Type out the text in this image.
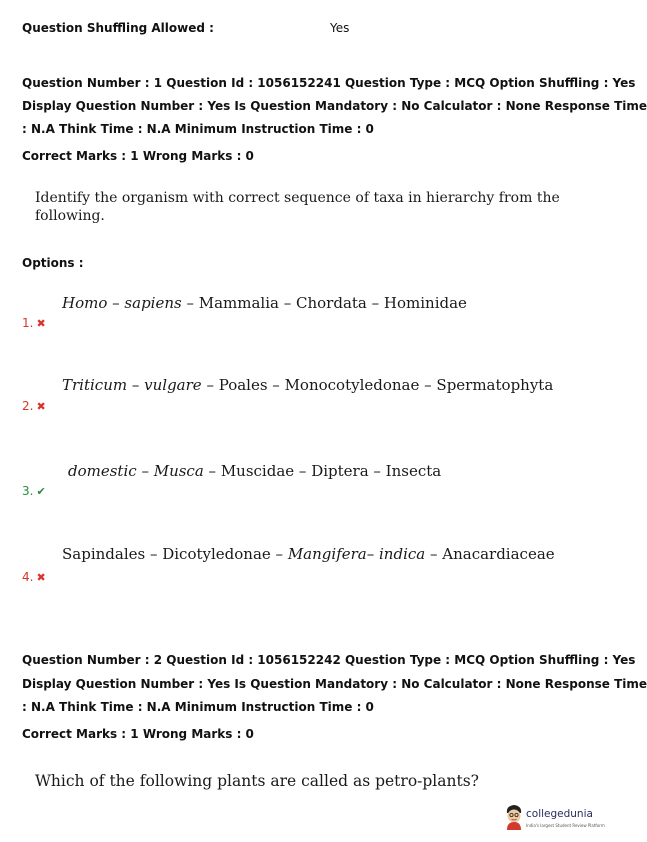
Question Shuffling Allowed :	Yes
Question Number : 1 Question Id : 1056152241 Question Type : MCQ Option Shuffling : Yes
Display Question Number : Yes Is Question Mandatory : No Calculator : None Response Time
: N.A Think Time : N.A Minimum Instruction Time : 0
Correct Marks : 1 Wrong Marks : 0
Identify the organism with correct sequence of taxa in hierarchy from the
following.
Options :
Homo – sapiens – Mammalia – Chordata – Hominidae
1. ✖
Triticum – vulgare – Poales – Monocotyledonae – Spermatophyta
2. ✖
domestic – Musca – Muscidae – Diptera – Insecta
3. ✔
Sapindales – Dicotyledonae – Mangifera– indica – Anacardiaceae
4. ✖
Question Number : 2 Question Id : 1056152242 Question Type : MCQ Option Shuffling : Yes
Display Question Number : Yes Is Question Mandatory : No Calculator : None Response Time
: N.A Think Time : N.A Minimum Instruction Time : 0
Correct Marks : 1 Wrong Marks : 0
Which of the following plants are called as petro-plants?
collegedunia
India's largest Student Review Platform
